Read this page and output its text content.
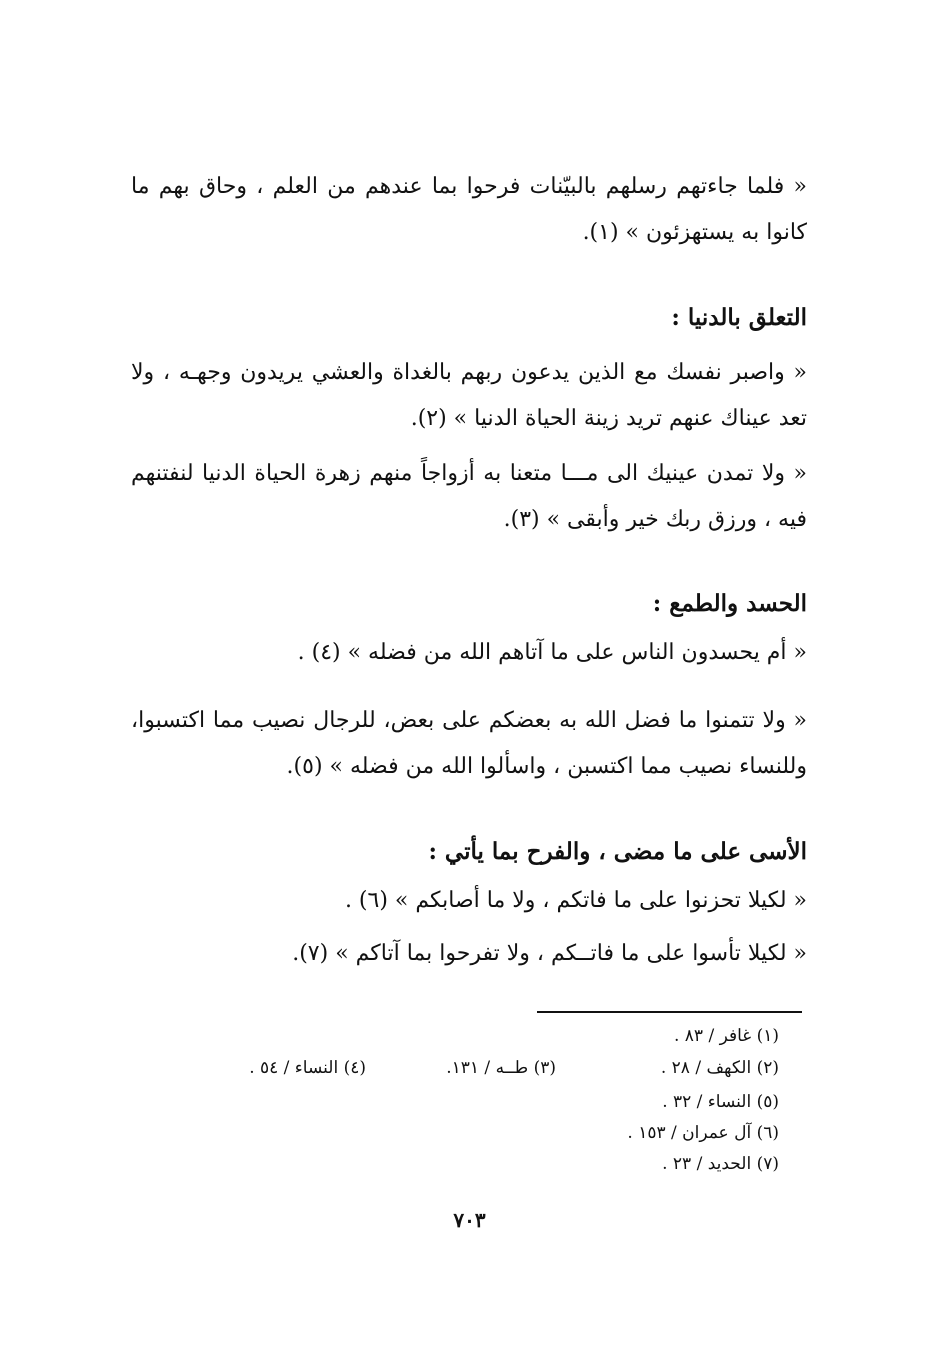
« فلما جاءتهم رسلهم بالبيّنات فرحوا بما عندهم من العلم ، وحاق بهم ما كانوا به يستهزئون » (١).

التعلق بالدنيا :

« واصبر نفسك مع الذين يدعون ربهم بالغداة والعشي يريدون وجهـه ، ولا تعد عيناك عنهم تريد زينة الحياة الدنيا » (٢).

« ولا تمدن عينيك الى مـــا متعنا به أزواجاً منهم زهرة الحياة الدنيا لنفتنهم فيه ، ورزق ربك خير وأبقى » (٣).

الحسد والطمع :

« أم يحسدون الناس على ما آتاهم الله من فضله » (٤) .

« ولا تتمنوا ما فضل الله به بعضكم على بعض، للرجال نصيب مما اكتسبوا، وللنساء نصيب مما اكتسبن ، واسألوا الله من فضله » (٥).

الأسى على ما مضى ، والفرح بما يأتي :

« لكيلا تحزنوا على ما فاتكم ، ولا ما أصابكم » (٦) .

« لكيلا تأسوا على ما فاتــكم ، ولا تفرحوا بما آتاكم » (٧).

(١) غافر / ٨٣ .

(٢) الكهف / ٢٨ .

(٣) طــه / ١٣١.

(٤) النساء / ٥٤ .

(٥) النساء / ٣٢ .

(٦) آل عمران / ١٥٣ .

(٧) الحديد / ٢٣ .

٧٠٣
